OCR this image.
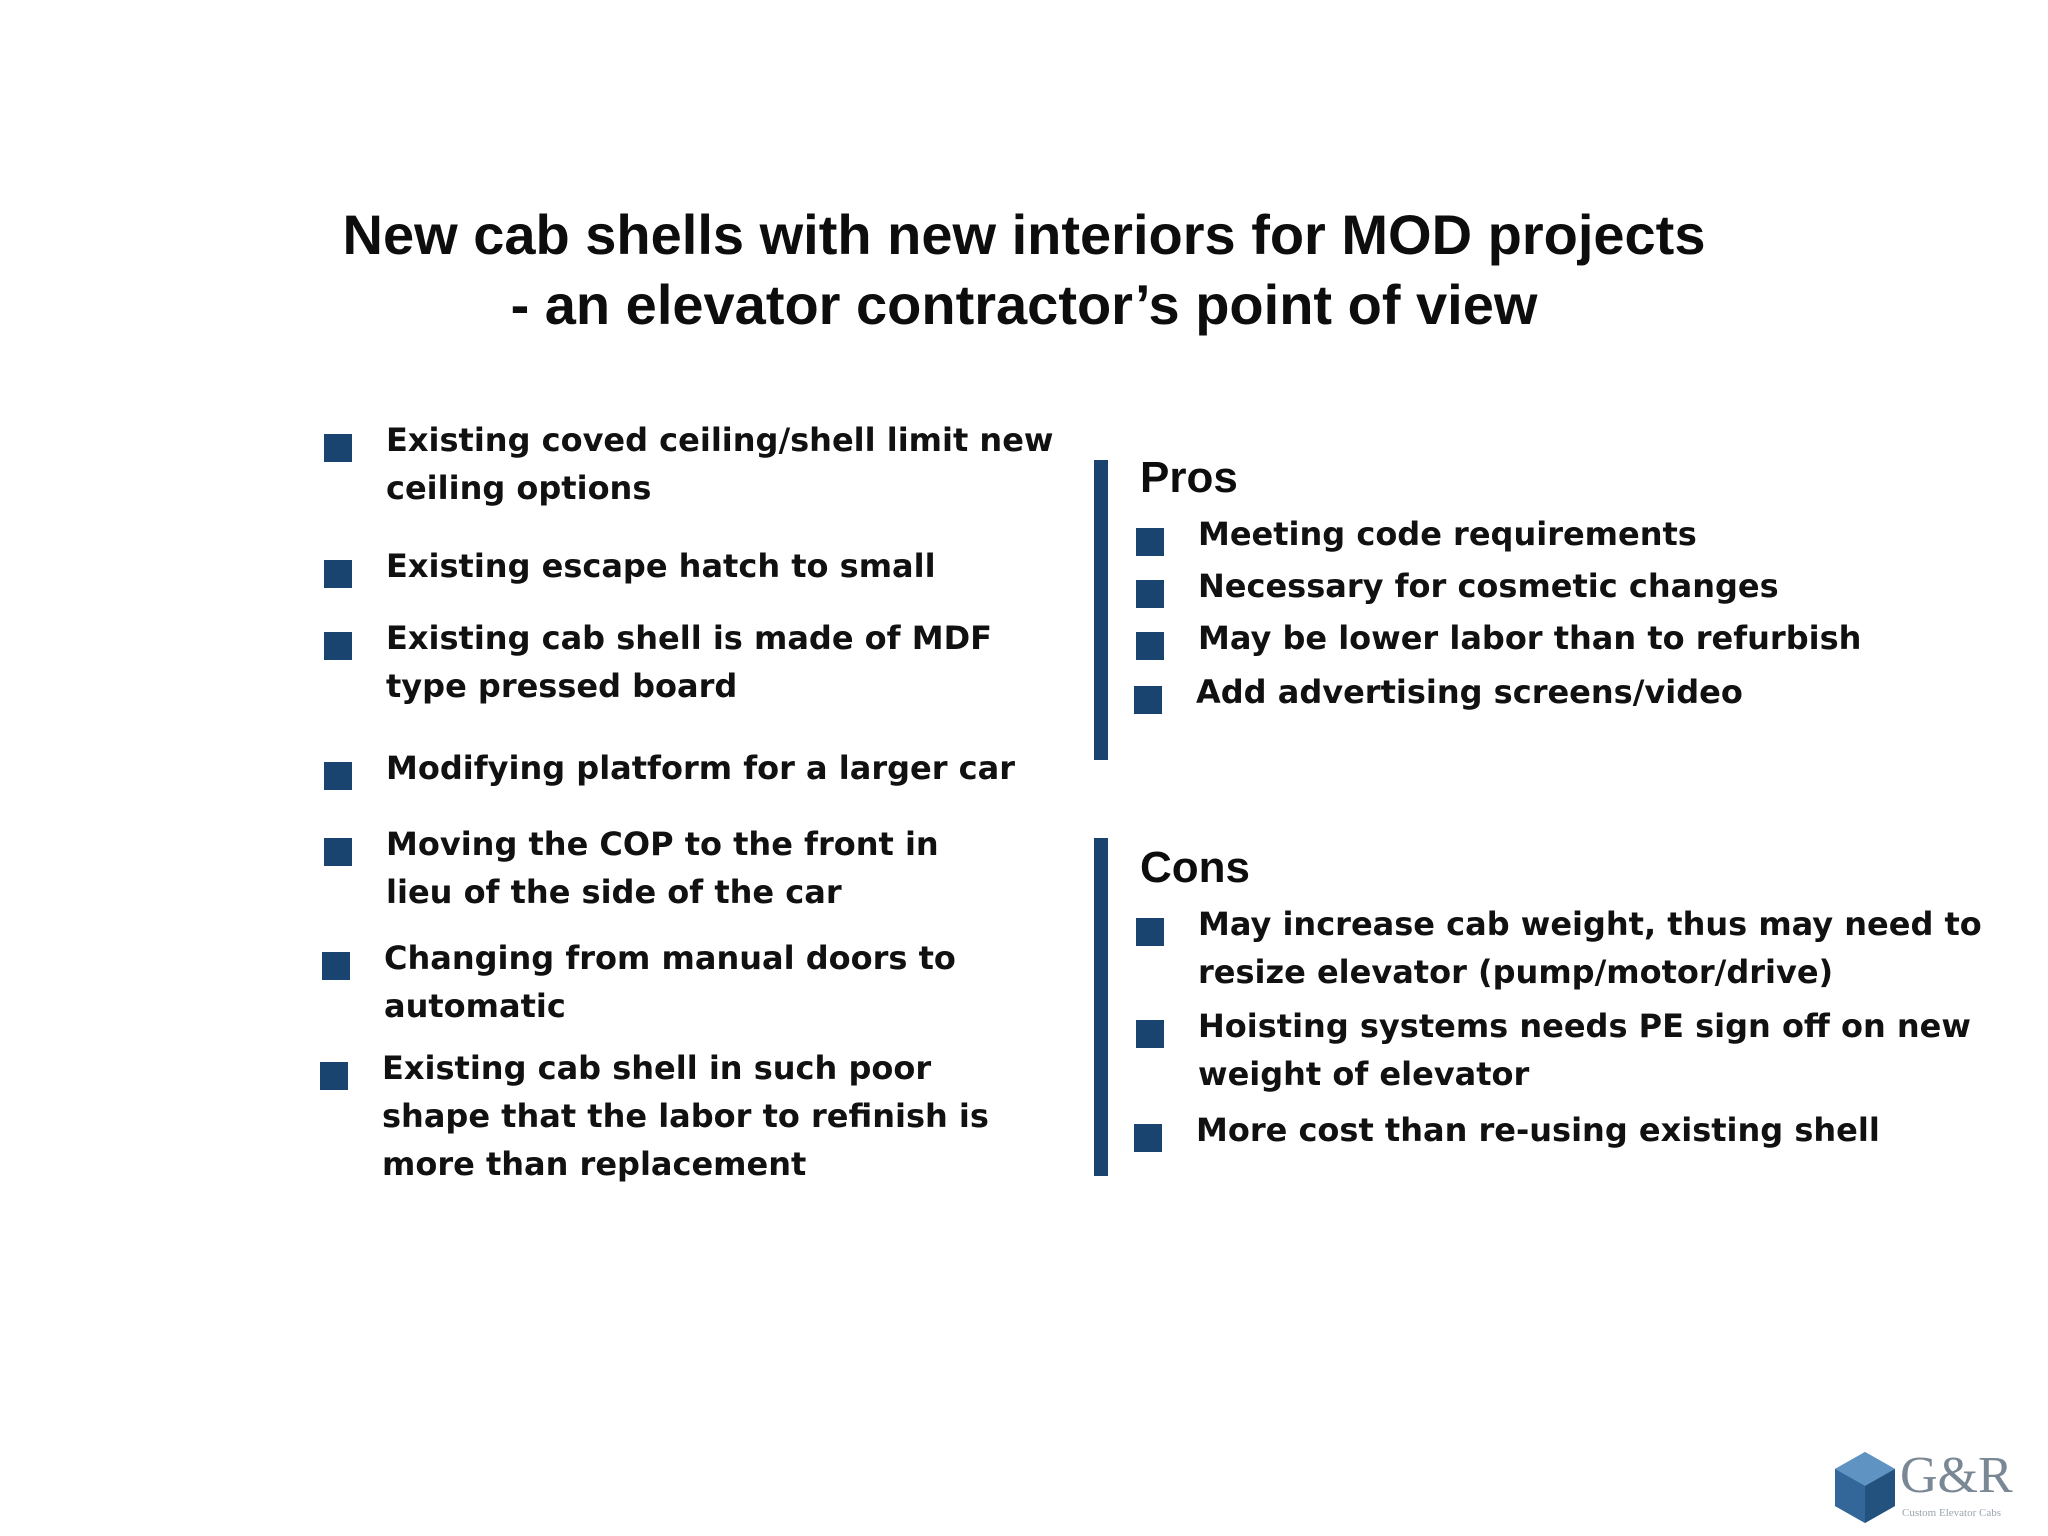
New cab shells with new interiors for MOD projects
- an elevator contractor’s point of view
Existing coved ceiling/shell limit new
ceiling options
Existing escape hatch to small
Existing cab shell is made of MDF
type pressed board
Modifying platform for a larger car
Moving the COP to the front in
lieu of the side of the car
Changing from manual doors to
automatic
Existing cab shell in such poor
shape that the labor to refinish is
more than replacement
Pros
Meeting code requirements
Necessary for cosmetic changes
May be lower labor than to refurbish
Add advertising screens/video
Cons
May increase cab weight, thus may need to
resize elevator (pump/motor/drive)
Hoisting systems needs PE sign off on new
weight of elevator
More cost than re-using existing shell
G&R
Custom Elevator Cabs
